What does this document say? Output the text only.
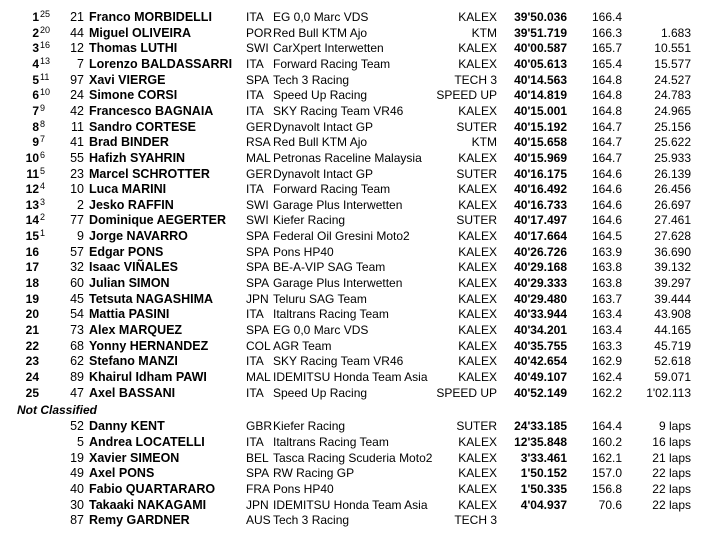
1 25 21 Franco MORBIDELLI	ITA EG 0,0 Marc VDS	KALEX 39'50.036 166.4
2 20 44 Miguel OLIVEIRA	POR Red Bull KTM Ajo	KTM 39'51.719 166.3	1.683
3 16 12 Thomas LUTHI	SWI CarXpert Interwetten	KALEX 40'00.587 165.7	10.551
4 13 7 Lorenzo BALDASSARRI ITA Forward Racing Team	KALEX 40'05.613 165.4	15.577
5 11 97 Xavi VIERGE	SPA Tech 3 Racing	TECH 3 40'14.563 164.8	24.527
6 10 24 Simone CORSI	ITA Speed Up Racing	SPEED UP 40'14.819 164.8	24.783
7 9 42 Francesco BAGNAIA	ITA SKY Racing Team VR46	KALEX 40'15.001 164.8	24.965
8 8 11 Sandro CORTESE	GER Dynavolt Intact GP	SUTER 40'15.192 164.7	25.156
9 7 41 Brad BINDER	RSA Red Bull KTM Ajo	KTM 40'15.658 164.7	25.622
10 6 55 Hafizh SYAHRIN	MAL Petronas Raceline Malaysia	KALEX 40'15.969 164.7	25.933
11 5 23 Marcel SCHROTTER	GER Dynavolt Intact GP	SUTER 40'16.175 164.6	26.139
12 4 10 Luca MARINI	ITA Forward Racing Team	KALEX 40'16.492 164.6	26.456
13 3	2 Jesko RAFFIN	SWI Garage Plus Interwetten	KALEX 40'16.733 164.6	26.697
14 2 77 Dominique AEGERTER SWI Kiefer Racing	SUTER 40'17.497 164.6	27.461
15 1	9 Jorge NAVARRO	SPA Federal Oil Gresini Moto2	KALEX 40'17.664 164.5	27.628
16 57 Edgar PONS	SPA Pons HP40	KALEX 40'26.726 163.9	36.690
17 32 Isaac VIÑALES	SPA BE-A-VIP SAG Team	KALEX 40'29.168 163.8	39.132
18 60 Julian SIMON	SPA Garage Plus Interwetten	KALEX 40'29.333 163.8	39.297
19 45 Tetsuta NAGASHIMA	JPN Teluru SAG Team	KALEX 40'29.480 163.7	39.444
20 54 Mattia PASINI	ITA Italtrans Racing Team	KALEX 40'33.944 163.4	43.908
21 73 Alex MARQUEZ	SPA EG 0,0 Marc VDS	KALEX 40'34.201 163.4	44.165
22 68 Yonny HERNANDEZ	COL AGR Team	KALEX 40'35.755 163.3	45.719
23 62 Stefano MANZI	ITA SKY Racing Team VR46	KALEX 40'42.654 162.9	52.618
24 89 Khairul Idham PAWI	MAL IDEMITSU Honda Team Asia	KALEX 40'49.107 162.4	59.071
25 47 Axel BASSANI	ITA Speed Up Racing	SPEED UP 40'52.149 162.2 1'02.113
Not Classified
52 Danny KENT	GBR Kiefer Racing	SUTER 24'33.185 164.4	9 laps
5 Andrea LOCATELLI	ITA Italtrans Racing Team	KALEX 12'35.848 160.2	16 laps
19 Xavier SIMEON	BEL Tasca Racing Scuderia Moto2 KALEX 3'33.461 162.1	21 laps
49 Axel PONS	SPA RW Racing GP	KALEX 1'50.152 157.0	22 laps
40 Fabio QUARTARARO	FRA Pons HP40	KALEX 1'50.335 156.8	22 laps
30 Takaaki NAKAGAMI	JPN IDEMITSU Honda Team Asia	KALEX 4'04.937	70.6	22 laps
87 Remy GARDNER	AUS Tech 3 Racing	TECH 3
